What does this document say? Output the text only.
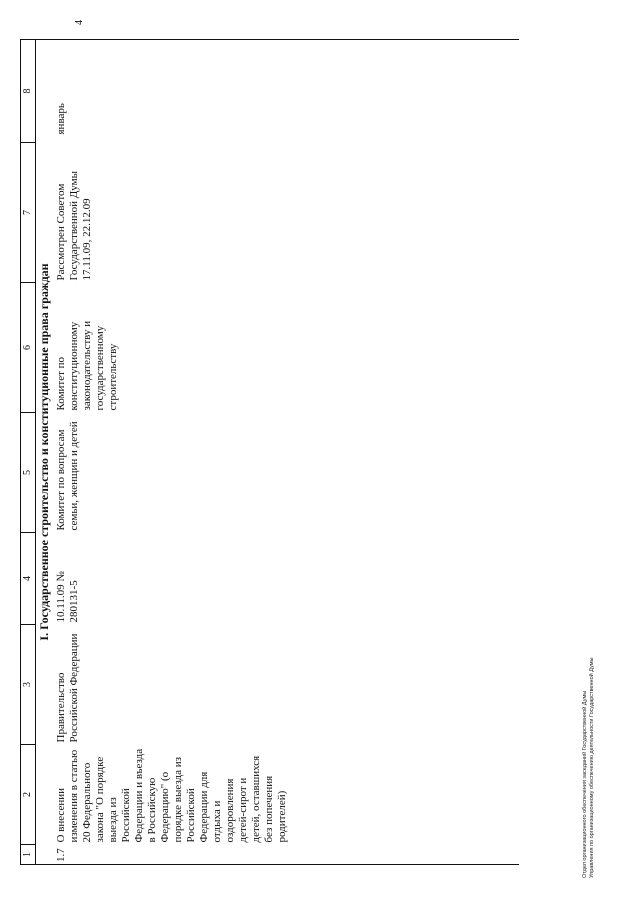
1	2	3	4	5	6	7	8
I. Государственное строительство и конституционные права граждан							
1.7	О внесении изменения в статью 20 Федерального закона "О порядке выезда из Российской Федерации и въезда в Российскую Федерацию" (о порядке выезда из Российской Федерации для отдыха и оздоровления детей-сирот и детей, оставшихся без попечения родителей)	Правительство Российской Федерации	10.11.09 № 280131-5	Комитет по вопросам семьи, женщин и детей	Комитет по конституционному законодательству и государственному строительству	Рассмотрен Советом Государственной Думы 17.11.09, 22.12.09	январь

4
Отдел организационного обеспечения заседаний Государственной Думы Управления по организационному обеспечению деятельности Государственной Думы
